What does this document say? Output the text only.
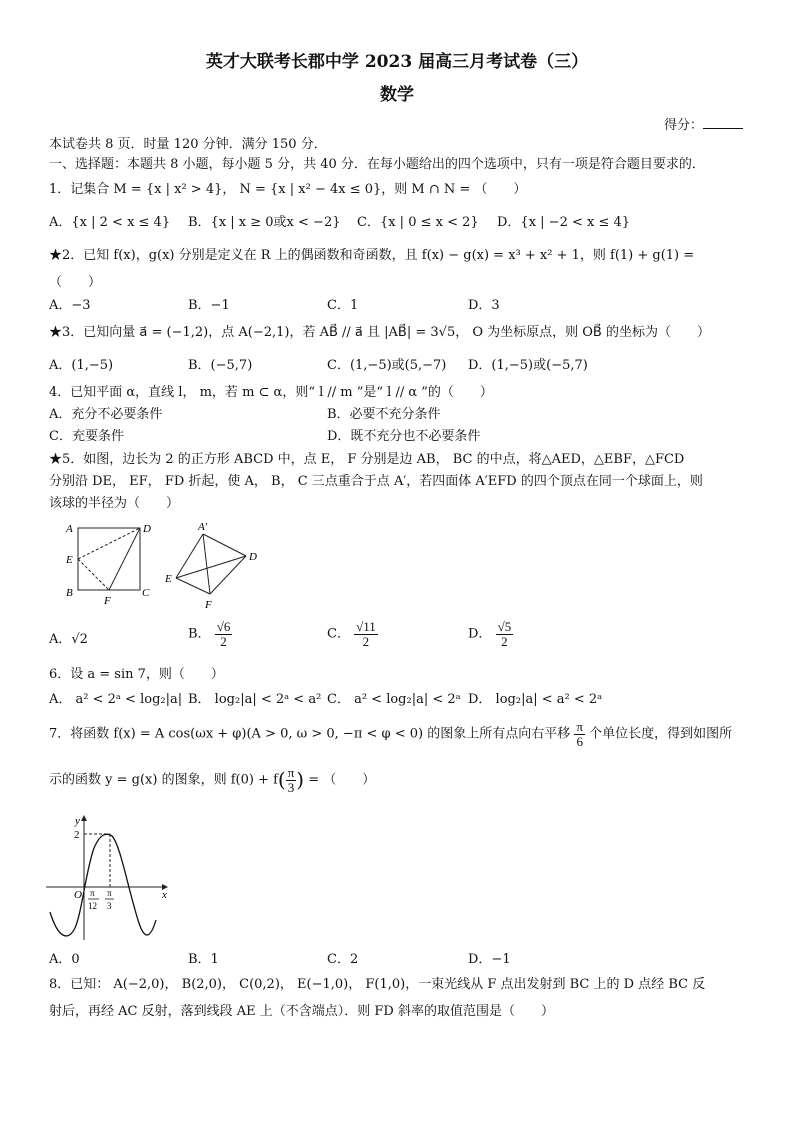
英才大联考长郡中学 2023 届高三月考试卷（三）
数学
得分：
本试卷共 8 页．时量 120 分钟．满分 150 分．
一、选择题：本题共 8 小题，每小题 5 分，共 40 分．在每小题给出的四个选项中，只有一项是符合题目要求的．
1．记集合 M = {x | x² > 4}， N = {x | x² − 4x ≤ 0}，则 M ∩ N = （　　）
A．{x | 2 < x ≤ 4} B．{x | x ≥ 0或x < −2} C．{x | 0 ≤ x < 2} D．{x | −2 < x ≤ 4}
★2．已知 f(x)，g(x) 分别是定义在 R 上的偶函数和奇函数，且 f(x) − g(x) = x³ + x² + 1，则 f(1) + g(1) =
（　　）
A．−3	B．−1	C．1	D．3
★3．已知向量 a⃗ = (−1,2)，点 A(−2,1)，若 AB⃗ // a⃗ 且 |AB⃗| = 3√5， O 为坐标原点，则 OB⃗ 的坐标为（　　）
A．(1,−5)	B．(−5,7)	C．(1,−5)或(5,−7) D．(1,−5)或(−5,7)
4．已知平面 α，直线 l， m，若 m ⊂ α，则“ l // m ”是“ l // α ”的（　　）
A．充分不必要条件	B．必要不充分条件
C．充要条件	D．既不充分也不必要条件
★5．如图，边长为 2 的正方形 ABCD 中，点 E， F 分别是边 AB， BC 的中点，将△AED，△EBF，△FCD
分别沿 DE， EF， FD 折起，使 A， B， C 三点重合于点 A′，若四面体 A′EFD 的四个顶点在同一个球面上，则
该球的半径为（　　）
A	D
E
B
F
C
A′
E
D
F
A．√2	B． $\frac{√6}{2}$	C． $\frac{√11}{2}$	D． $\frac{√5}{2}$
6．设 a = sin 7，则（　　）
A． a² < 2ᵃ < log₂|a| B． log₂|a| < 2ᵃ < a² C． a² < log₂|a| < 2ᵃ D． log₂|a| < a² < 2ᵃ
7．将函数 f(x) = A cos(ωx + φ)(A > 0, ω > 0, −π < φ < 0) 的图象上所有点向右平移 $\frac{\pi}{6}$ 个单位长度，得到如图所
示的函数 y = g(x) 的图象，则 $f(0) + f( \frac{\pi}{3}$ ) = （　　）
y
x
O
2
π
12
π
3
A．0	B．1	C．2	D．−1
8．已知： A(−2,0)， B(2,0)， C(0,2)， E(−1,0)， F(1,0)，一束光线从 F 点出发射到 BC 上的 D 点经 BC 反
射后，再经 AC 反射，落到线段 AE 上（不含端点）．则 FD 斜率的取值范围是（　　）
